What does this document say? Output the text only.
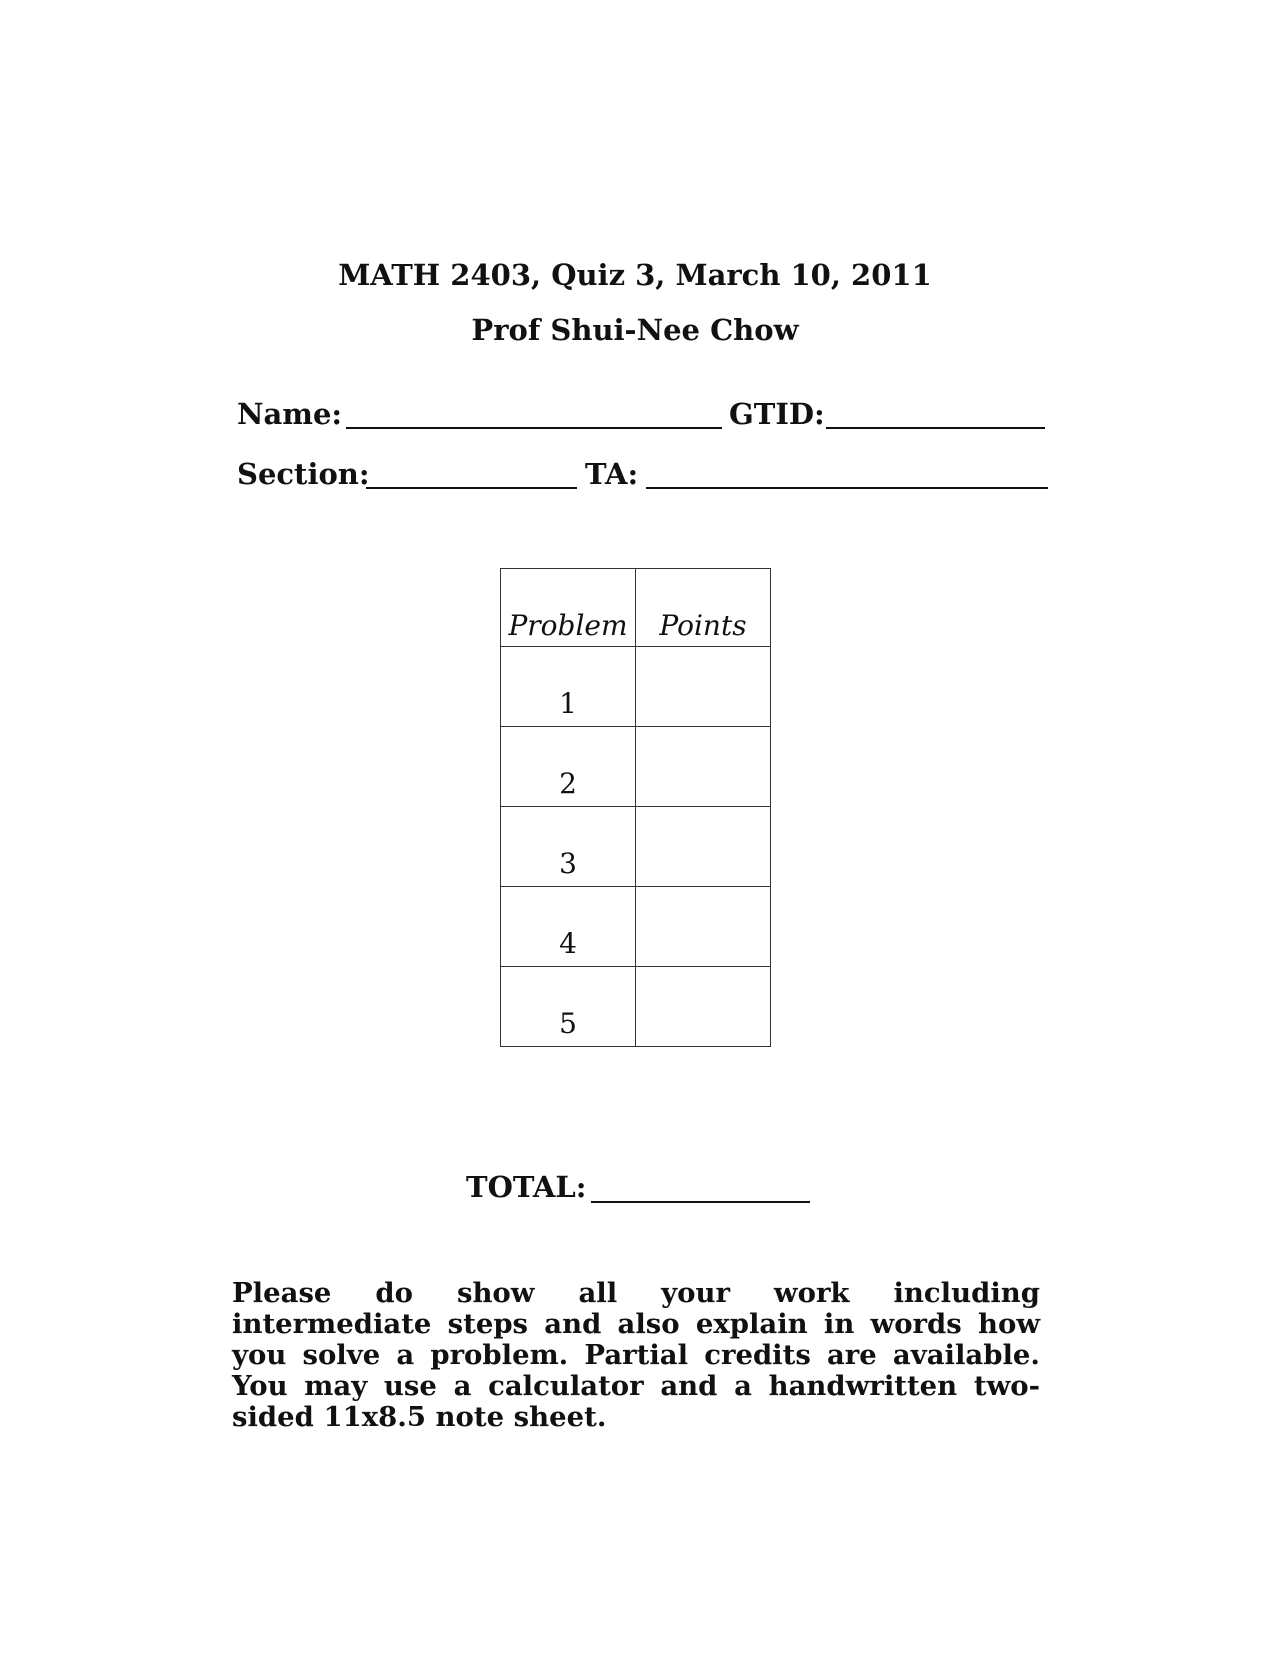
MATH 2403, Quiz 3, March 10, 2011
Prof Shui-Nee Chow
Name:	GTID:
Section:	TA:
Problem	Points
1	
2	
3	
4	
5	
TOTAL:
Please do show all your work including intermediate steps and also explain in words how you solve a problem. Partial credits are available. You may use a calculator and a handwritten two-sided 11x8.5 note sheet.
